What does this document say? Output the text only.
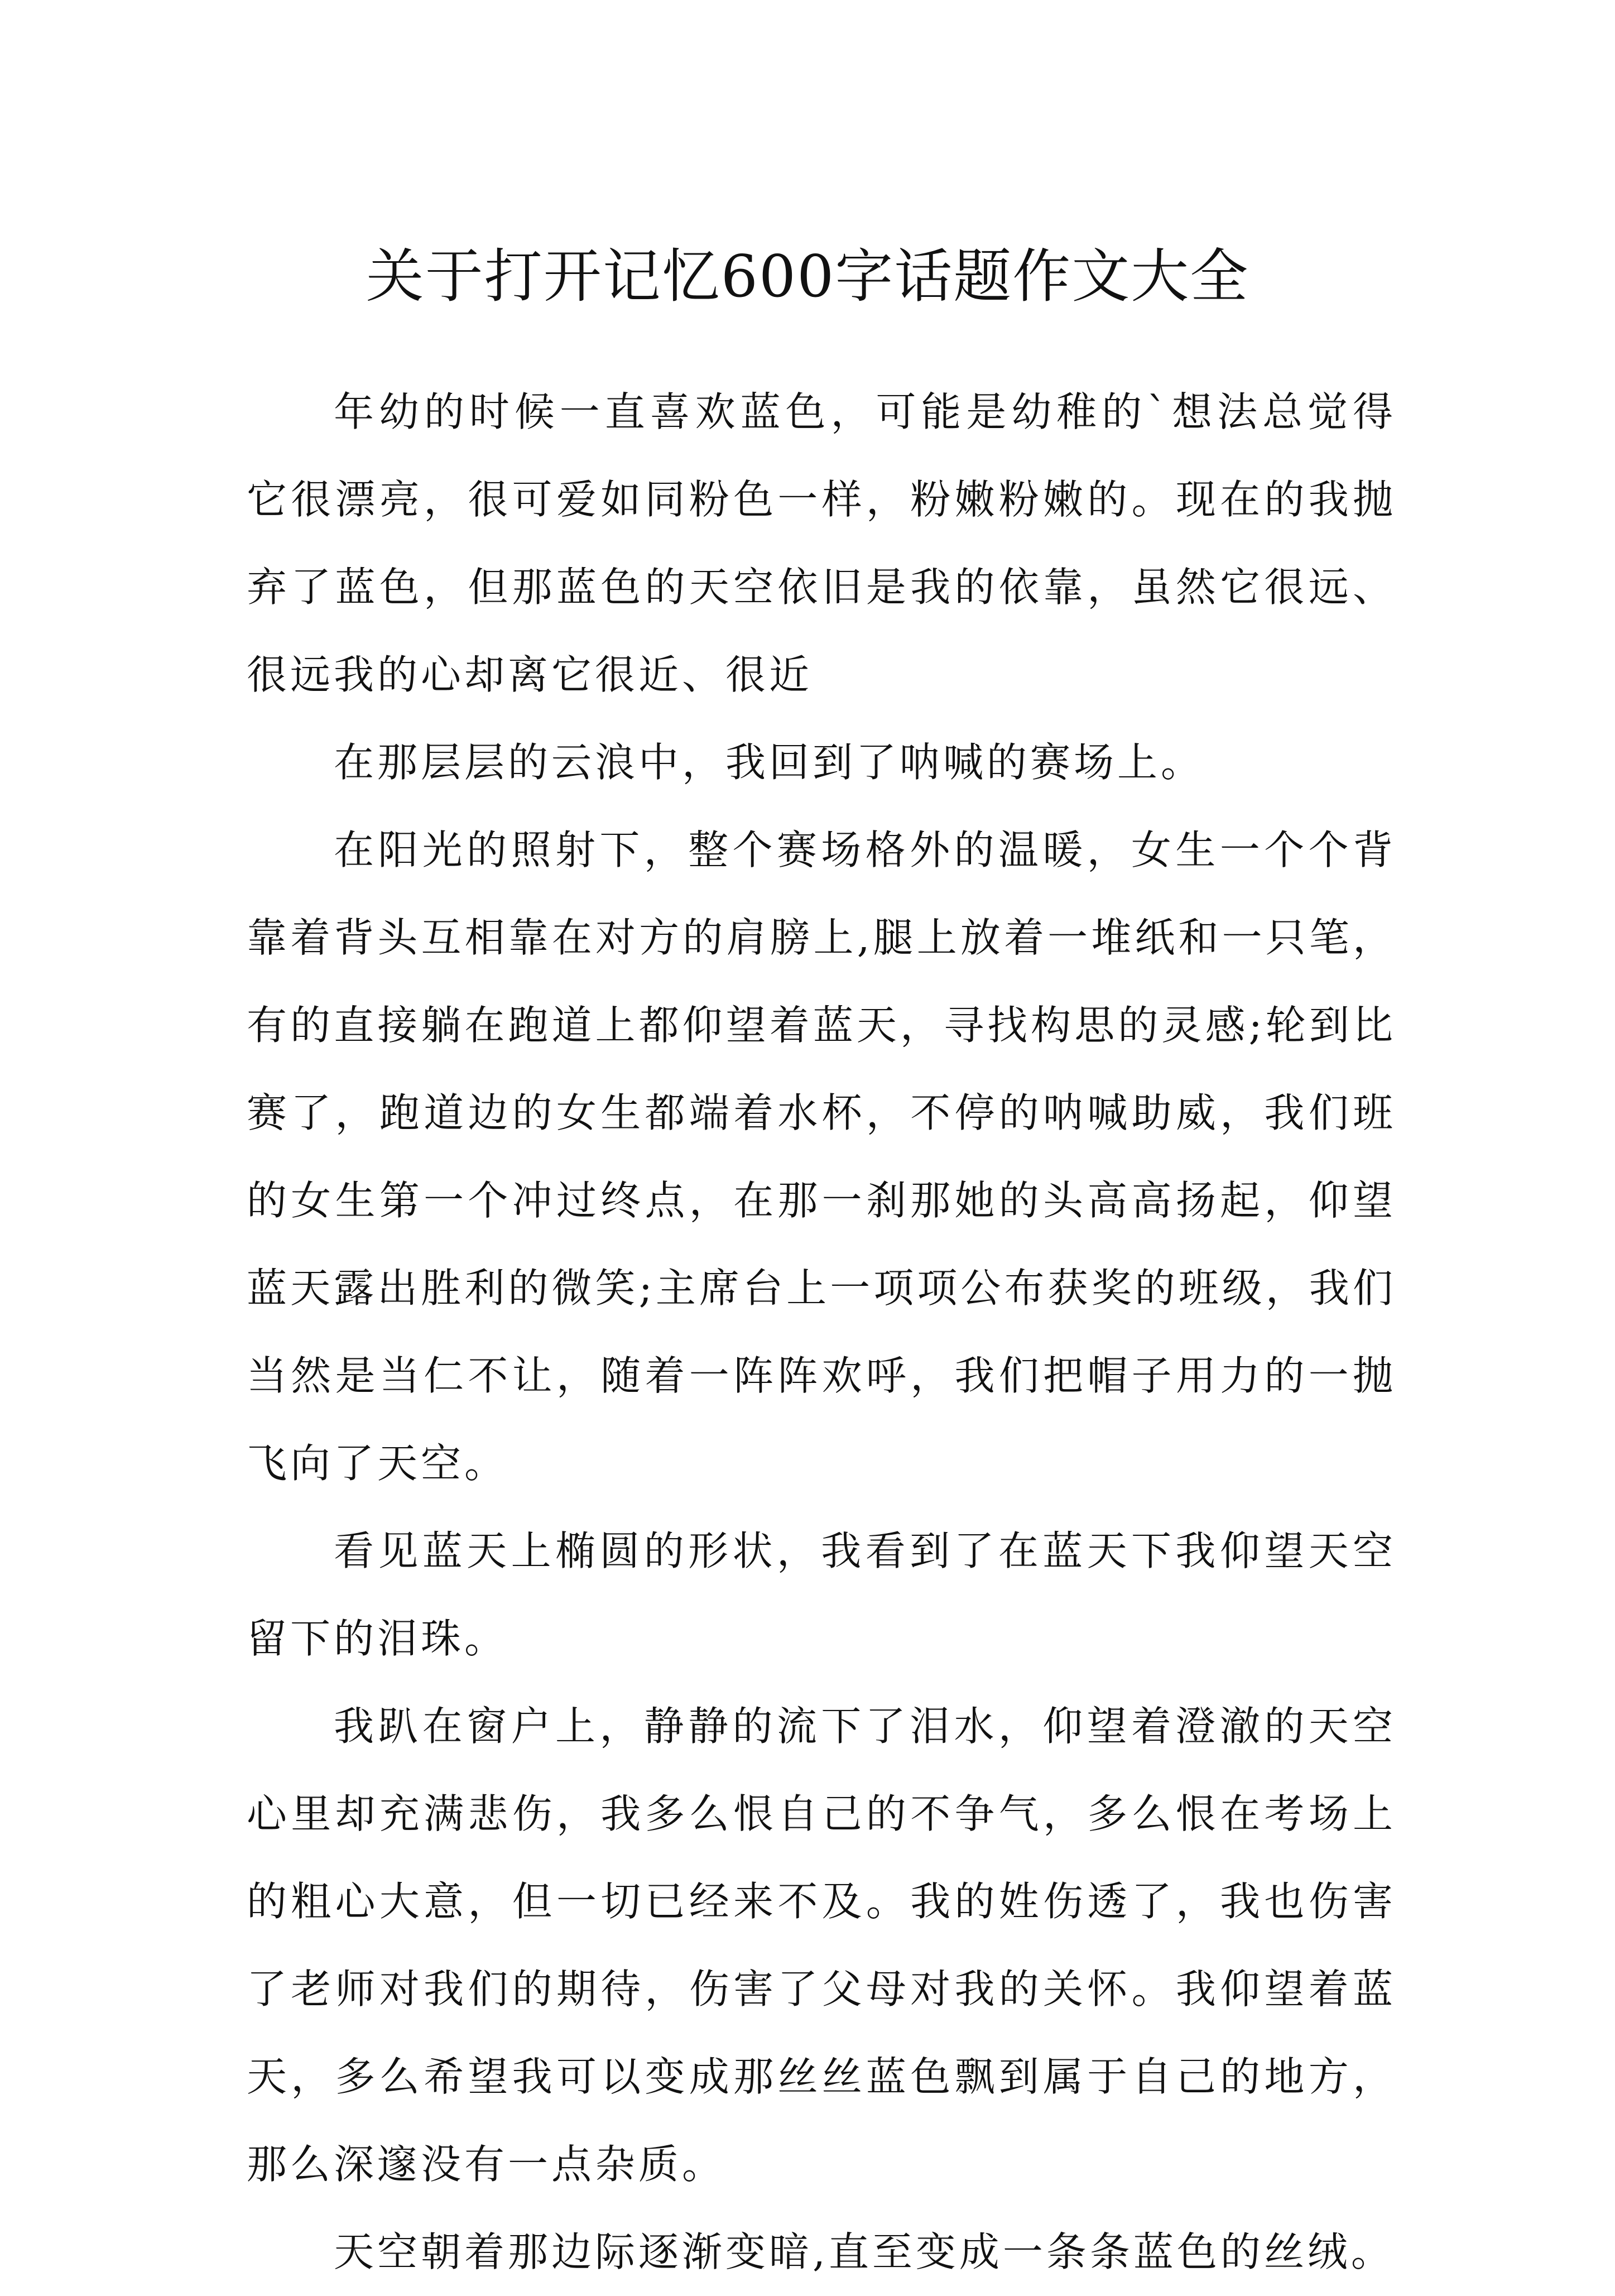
关于打开记忆600字话题作文大全

年幼的时候一直喜欢蓝色，可能是幼稚的`想法总觉得它很漂亮，很可爱如同粉色一样，粉嫩粉嫩的。现在的我抛弃了蓝色，但那蓝色的天空依旧是我的依靠，虽然它很远、很远我的心却离它很近、很近

在那层层的云浪中，我回到了呐喊的赛场上。

在阳光的照射下，整个赛场格外的温暖，女生一个个背靠着背头互相靠在对方的肩膀上,腿上放着一堆纸和一只笔，有的直接躺在跑道上都仰望着蓝天，寻找构思的灵感;轮到比赛了，跑道边的女生都端着水杯，不停的呐喊助威，我们班的女生第一个冲过终点，在那一刹那她的头高高扬起，仰望蓝天露出胜利的微笑;主席台上一项项公布获奖的班级，我们当然是当仁不让，随着一阵阵欢呼，我们把帽子用力的一抛飞向了天空。

看见蓝天上椭圆的形状，我看到了在蓝天下我仰望天空留下的泪珠。

我趴在窗户上，静静的流下了泪水，仰望着澄澈的天空心里却充满悲伤，我多么恨自己的不争气，多么恨在考场上的粗心大意，但一切已经来不及。我的姓伤透了，我也伤害了老师对我们的期待，伤害了父母对我的关怀。我仰望着蓝天，多么希望我可以变成那丝丝蓝色飘到属于自己的地方，那么深邃没有一点杂质。

天空朝着那边际逐渐变暗,直至变成一条条蓝色的丝绒。
